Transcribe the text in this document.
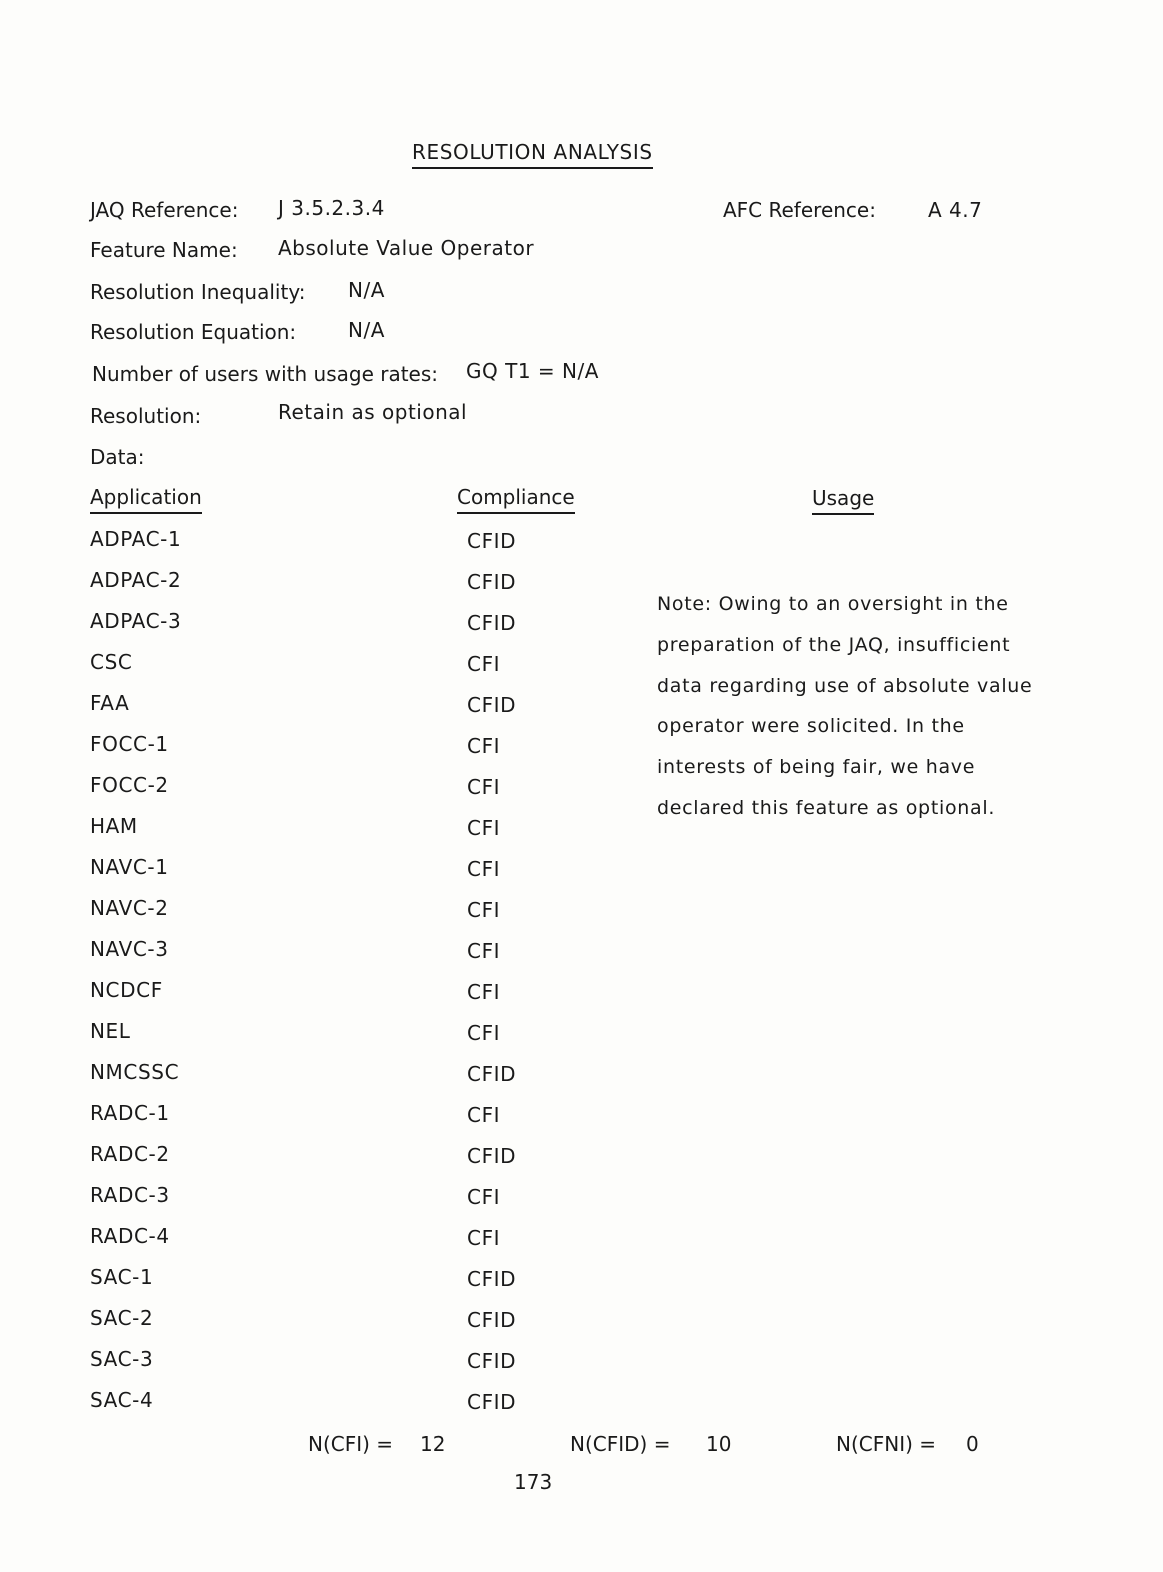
RESOLUTION ANALYSIS
JAQ Reference: J 3.5.2.3.4	AFC Reference:	A 4.7
Feature Name: Absolute Value Operator
Resolution Inequality: N/A
Resolution Equation:	N/A
Number of users with usage rates: GQ T1 = N/A
Resolution:	Retain as optional
Data:
Application	Compliance	Usage
ADPAC-1	CFID
ADPAC-2	CFID
ADPAC-3	CFID
CSC	CFI
FAA	CFID
FOCC-1	CFI
FOCC-2	CFI
HAM	CFI
NAVC-1	CFI
NAVC-2	CFI
NAVC-3	CFI
NCDCF	CFI
NEL	CFI
NMCSSC	CFID
RADC-1	CFI
RADC-2	CFID
RADC-3	CFI
RADC-4	CFI
SAC-1	CFID
SAC-2	CFID
SAC-3	CFID
SAC-4	CFID
Note: Owing to an oversight in the
preparation of the JAQ, insufficient
data regarding use of absolute value
operator were solicited. In the
interests of being fair, we have
declared this feature as optional.
N(CFI) = 12	N(CFID) = 10	N(CFNI) = 0
173
